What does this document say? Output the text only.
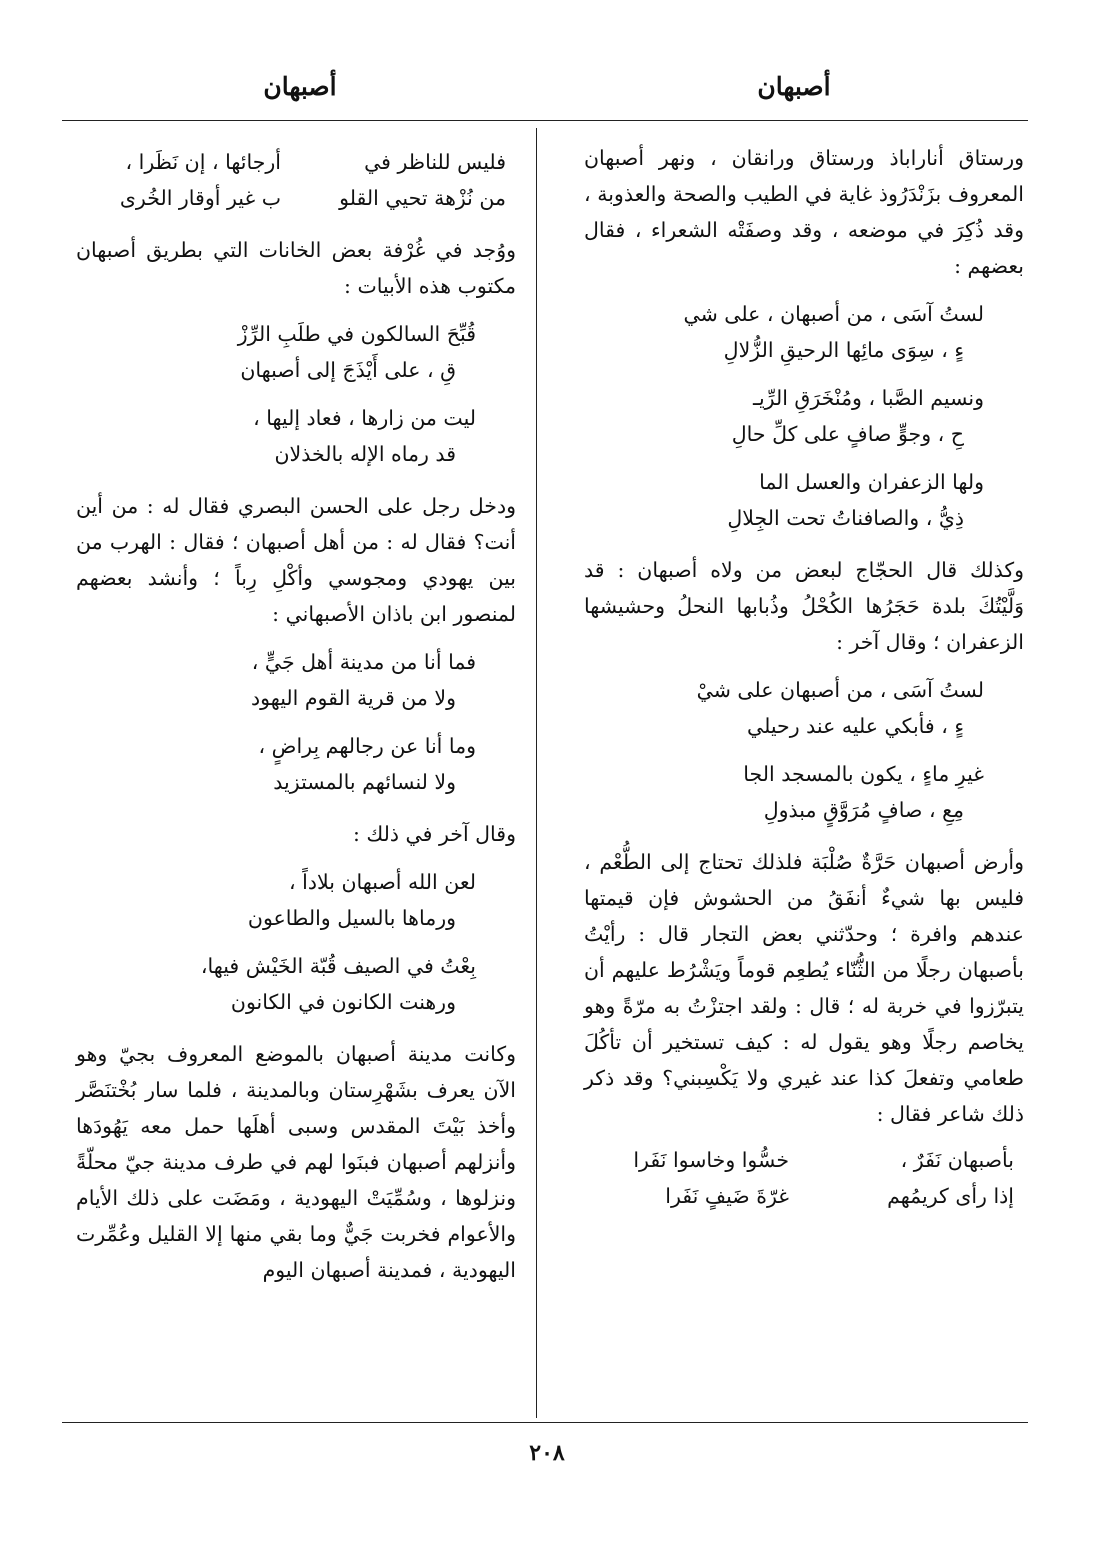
أصبهان
أصبهان

ورستاق أناراباذ ورستاق ورانقان ، ونهر أصبهان المعروف بزَنْدَرُوذ غاية في الطيب والصحة والعذوبة ، وقد ذُكِرَ في موضعه ، وقد وصفَتْه الشعراء ، فقال بعضهم :

لستُ آسَى ، من أصبهان ، على شي
ءٍ ، سِوَى مائِها الرحيقِ الزُّلالِ
ونسيم الصَّبا ، ومُنْخَرَقِ الرِّيـ
حِ ، وجوٍّ صافٍ على كلِّ حالِ
ولها الزعفران والعسل الما
ذِيُّ ، والصافناتُ تحت الجِلالِ

وكذلك قال الحجّاج لبعض من ولاه أصبهان : قد وَلَّيْتُكَ بلدة حَجَرُها الكُحْلُ وذُبابها النحلُ وحشيشها الزعفران ؛ وقال آخر :

لستُ آسَى ، من أصبهان على شيْ
ءٍ ، فأبكي عليه عند رحيلي
غيرِ ماءٍ ، يكون بالمسجد الجا
مِعِ ، صافٍ مُرَوَّقٍ مبذولِ

وأرض أصبهان حَرَّةٌ صُلْبَة فلذلك تحتاج إلى الطُّعْم ، فليس بها شيءٌ أنفَقُ من الحشوش فإن قيمتها عندهم وافرة ؛ وحدّثني بعض التجار قال : رأيْتُ بأصبهان رجلًا من الثُّنّاء يُطعِم قوماً ويَشْرُط عليهم أن يتبرّزوا في خربة له ؛ قال : ولقد اجتزْتُ به مرّةً وهو يخاصم رجلًا وهو يقول له : كيف تستخير أن تأكُلَ طعامي وتفعلَ كذا عند غيري ولا يَكْسِبني؟ وقد ذكر ذلك شاعر فقال :

بأصبهان نَفَرٌ ،
خسُّوا وخاسوا نَفَرا
إذا رأى كريمُهم
غرّةَ ضَيفٍ نَفَرا
فليس للناظر في
أرجائها ، إن نَظَرا ،
من نُزْهة تحيي القلو
ب غير أوقار الخُرى

ووُجد في غُرْفة بعض الخانات التي بطريق أصبهان مكتوب هذه الأبيات :

قُبِّحَ السالكون في طلَبِ الرِّزْ
قِ ، على أَيْذَجَ إلى أصبهان
ليت من زارها ، فعاد إليها ،
قد رماه الإله بالخذلان

ودخل رجل على الحسن البصري فقال له : من أين أنت؟ فقال له : من أهل أصبهان ؛ فقال : الهرب من بين يهودي ومجوسي وأكْلِ رِباً ؛ وأنشد بعضهم لمنصور ابن باذان الأصبهاني :

فما أنا من مدينة أهل جَيٍّ ،
ولا من قرية القوم اليهود
وما أنا عن رجالهم بِراضٍ ،
ولا لنسائهم بالمستزيد

وقال آخر في ذلك :

لعن الله أصبهان بلاداً ،
ورماها بالسيل والطاعون
بِعْتُ في الصيف قُبّة الخَيْش فيها،
ورهنت الكانون في الكانون

وكانت مدينة أصبهان بالموضع المعروف بجيّ وهو الآن يعرف بشَهْرِستان وبالمدينة ، فلما سار بُخْتنَصَّر وأخذ بَيْتَ المقدس وسبى أهلَها حمل معه يَهُودَها وأنزلهم أصبهان فبنَوا لهم في طرف مدينة جيّ محلّةً ونزلوها ، وسُمِّيَتْ اليهودية ، ومَضَت على ذلك الأيام والأعوام فخربت جَيٌّ وما بقي منها إلا القليل وعُمِّرت اليهودية ، فمدينة أصبهان اليوم

٢٠٨
